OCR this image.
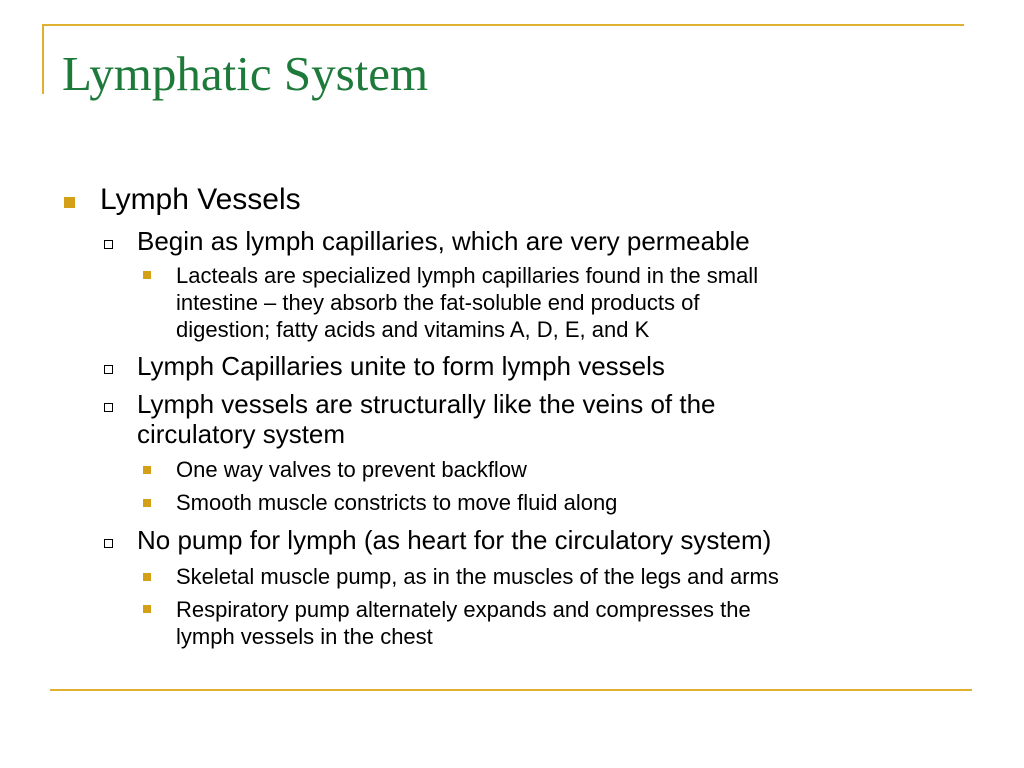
Lymphatic System
Lymph Vessels
Begin as lymph capillaries, which are very permeable
Lacteals are specialized lymph capillaries found in the small
intestine – they absorb the fat-soluble end products of
digestion; fatty acids and vitamins A, D, E, and K
Lymph Capillaries unite to form lymph vessels
Lymph vessels are structurally like the veins of the
circulatory system
One way valves to prevent backflow
Smooth muscle constricts to move fluid along
No pump for lymph (as heart for the circulatory system)
Skeletal muscle pump, as in the muscles of the legs and arms
Respiratory pump alternately expands and compresses the
lymph vessels in the chest
